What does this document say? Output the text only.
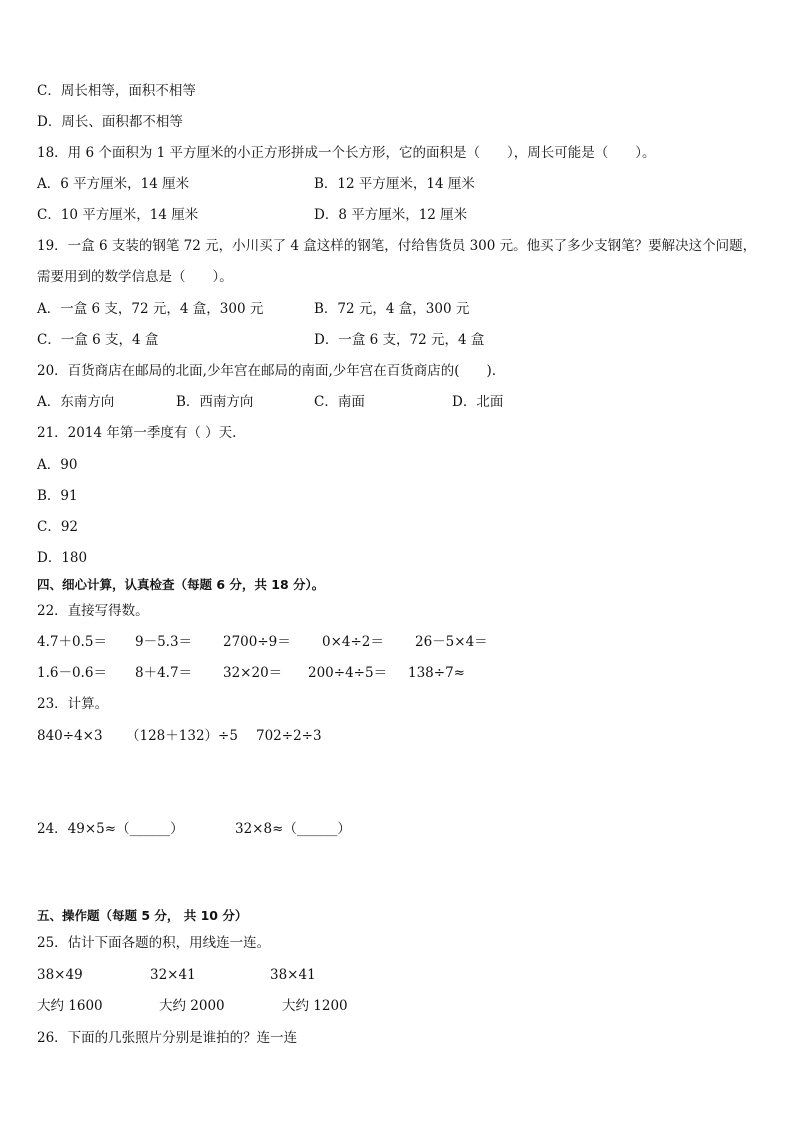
C．周长相等，面积不相等
D．周长、面积都不相等
18．用 6 个面积为 1 平方厘米的小正方形拼成一个长方形，它的面积是（　　），周长可能是（　　）。
A．6 平方厘米，14 厘米	B．12 平方厘米，14 厘米
C．10 平方厘米，14 厘米	D．8 平方厘米，12 厘米
19．一盒 6 支装的钢笔 72 元，小川买了 4 盒这样的钢笔，付给售货员 300 元。他买了多少支钢笔？要解决这个问题，
需要用到的数学信息是（　　）。
A．一盒 6 支，72 元，4 盒，300 元	B．72 元，4 盒，300 元
C．一盒 6 支，4 盒	D．一盒 6 支，72 元，4 盒
20．百货商店在邮局的北面,少年宫在邮局的南面,少年宫在百货商店的(　　).
A．东南方向	B．西南方向	C．南面	D．北面
21．2014 年第一季度有（ ）天.
A．90
B．91
C．92
D．180
四、细心计算，认真检查（每题 6 分，共 18 分）。
22．直接写得数。
4.7＋0.5＝ 9－5.3＝ 2700÷9＝ 0×4÷2＝ 26－5×4＝
1.6－0.6＝ 8＋4.7＝ 32×20＝ 200÷4÷5＝ 138÷7≈
23．计算。
840÷4×3 （128＋132）÷5 702÷2÷3
24．49×5≈（______）	32×8≈（______）
五、操作题（每题 5 分， 共 10 分）
25．估计下面各题的积，用线连一连。
38×49	32×41	38×41
大约 1600	大约 2000	大约 1200
26．下面的几张照片分别是谁拍的？连一连
